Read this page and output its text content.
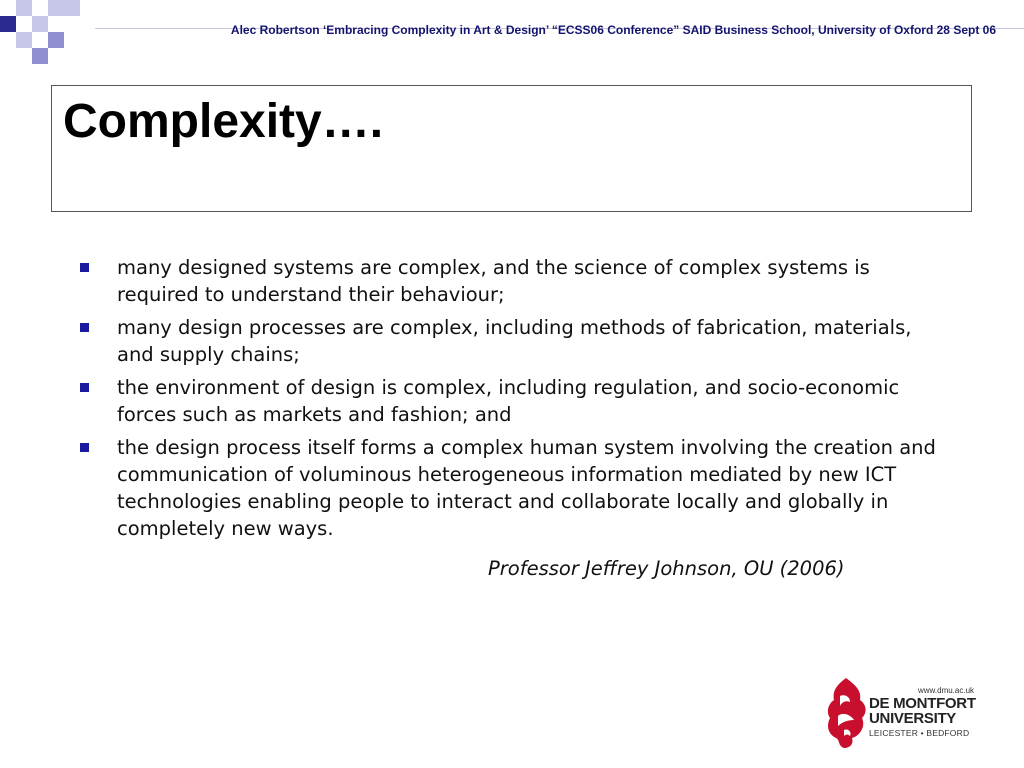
Alec Robertson ‘Embracing Complexity in Art & Design’ “ECSS06 Conference” SAID Business School, University of Oxford 28 Sept 06
Complexity….
many designed systems are complex, and the science of complex systems is required to understand their behaviour;
many design processes are complex, including methods of fabrication, materials, and supply chains;
the environment of design is complex, including regulation, and socio-economic forces such as markets and fashion; and
the design process itself forms a complex human system involving the creation and communication of voluminous heterogeneous information mediated by new ICT technologies enabling people to interact and collaborate locally and globally in completely new ways.
Professor Jeffrey Johnson, OU (2006)
www.dmu.ac.uk
DE MONTFORT
UNIVERSITY
LEICESTER • BEDFORD
